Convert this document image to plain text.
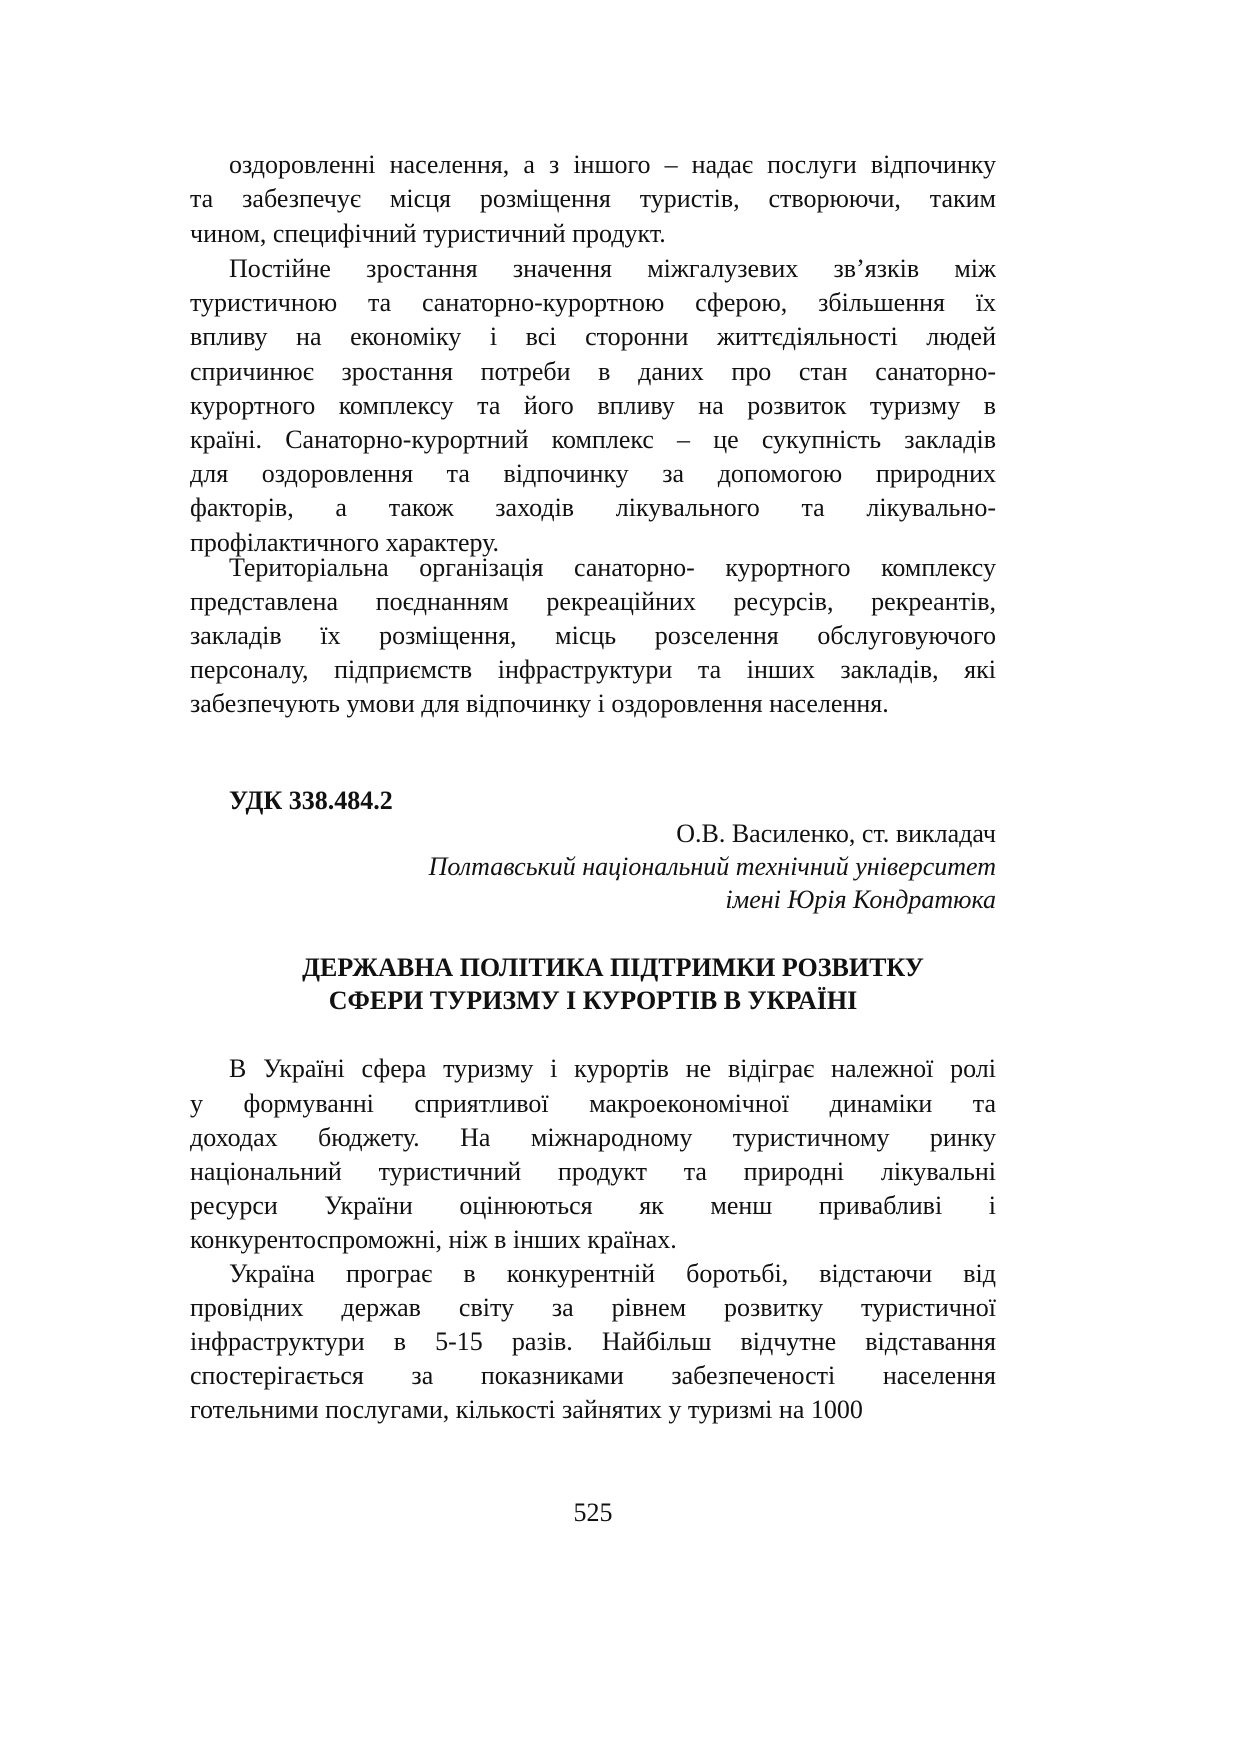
УДК 338.484.2
О.В. Василенко, ст. викладач
Полтавський національний технічний університет
імені Юрія Кондратюка
ДЕРЖАВНА ПОЛІТИКА ПІДТРИМКИ РОЗВИТКУ
СФЕРИ ТУРИЗМУ І КУРОРТІВ В УКРАЇНІ
525
оздоровленні населення, а з іншого – надає послуги відпочинку
та забезпечує місця розміщення туристів, створюючи, таким
чином, специфічний туристичний продукт.
Постійне зростання значення міжгалузевих зв’язків між
туристичною та санаторно-курортною сферою, збільшення їх
впливу на економіку і всі сторонни життєдіяльності людей
спричинює зростання потреби в даних про стан санаторно-
курортного комплексу та його впливу на розвиток туризму в
країні. Санаторно-курортний комплекс – це сукупність закладів
для оздоровлення та відпочинку за допомогою природних
факторів, а також заходів лікувального та лікувально-
профілактичного характеру.
Територіальна організація санаторно- курортного комплексу
представлена поєднанням рекреаційних ресурсів, рекреантів,
закладів їх розміщення, місць розселення обслуговуючого
персоналу, підприємств інфраструктури та інших закладів, які
забезпечують умови для відпочинку і оздоровлення населення.
В Україні сфера туризму і курортів не відіграє належної ролі
у формуванні сприятливої макроекономічної динаміки та
доходах бюджету. На міжнародному туристичному ринку
національний туристичний продукт та природні лікувальні
ресурси України оцінюються як менш привабливі і
конкурентоспроможні, ніж в інших країнах.
Україна програє в конкурентній боротьбі, відстаючи від
провідних держав світу за рівнем розвитку туристичної
інфраструктури в 5-15 разів. Найбільш відчутне відставання
спостерігається за показниками забезпеченості населення
готельними послугами, кількості зайнятих у туризмі на 1000
